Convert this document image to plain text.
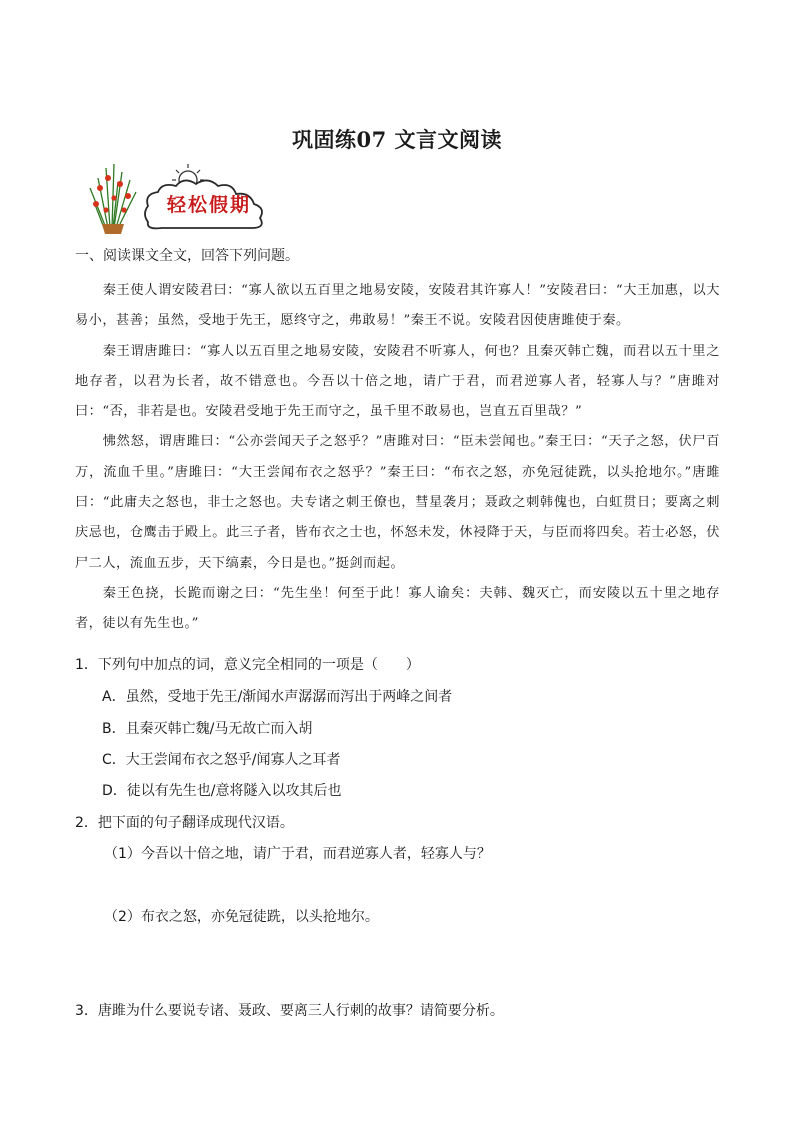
巩固练07 文言文阅读
轻松假期
一、阅读课文全文，回答下列问题。

秦王使人谓安陵君曰：“寡人欲以五百里之地易安陵，安陵君其许寡人！”安陵君曰：“大王加惠，以大易小，甚善；虽然，受地于先王，愿终守之，弗敢易！”秦王不说。安陵君因使唐雎使于秦。

秦王谓唐雎曰：“寡人以五百里之地易安陵，安陵君不听寡人，何也？且秦灭韩亡魏，而君以五十里之地存者，以君为长者，故不错意也。今吾以十倍之地，请广于君，而君逆寡人者，轻寡人与？”唐雎对曰：“否，非若是也。安陵君受地于先王而守之，虽千里不敢易也，岂直五百里哉？”

怫然怒，谓唐雎曰：“公亦尝闻天子之怒乎？”唐雎对曰：“臣未尝闻也。”秦王曰：“天子之怒，伏尸百万，流血千里。”唐雎曰：“大王尝闻布衣之怒乎？”秦王曰：“布衣之怒，亦免冠徒跣，以头抢地尔。”唐雎曰：“此庸夫之怒也，非士之怒也。夫专诸之刺王僚也，彗星袭月；聂政之刺韩傀也，白虹贯日；要离之刺庆忌也，仓鹰击于殿上。此三子者，皆布衣之士也，怀怒未发，休祲降于天，与臣而将四矣。若士必怒，伏尸二人，流血五步，天下缟素，今日是也。”挺剑而起。

秦王色挠，长跪而谢之曰：“先生坐！何至于此！寡人谕矣：夫韩、魏灭亡，而安陵以五十里之地存者，徒以有先生也。”

1．下列句中加点的词，意义完全相同的一项是（　　）
A．虽然，受地于先王/渐闻水声潺潺而泻出于两峰之间者
B．且秦灭韩亡魏/马无故亡而入胡
C．大王尝闻布衣之怒乎/闻寡人之耳者
D．徒以有先生也/意将隧入以攻其后也
2．把下面的句子翻译成现代汉语。
（1）今吾以十倍之地，请广于君，而君逆寡人者，轻寡人与？
（2）布衣之怒，亦免冠徒跣，以头抢地尔。
3．唐雎为什么要说专诸、聂政、要离三人行刺的故事？请简要分析。
